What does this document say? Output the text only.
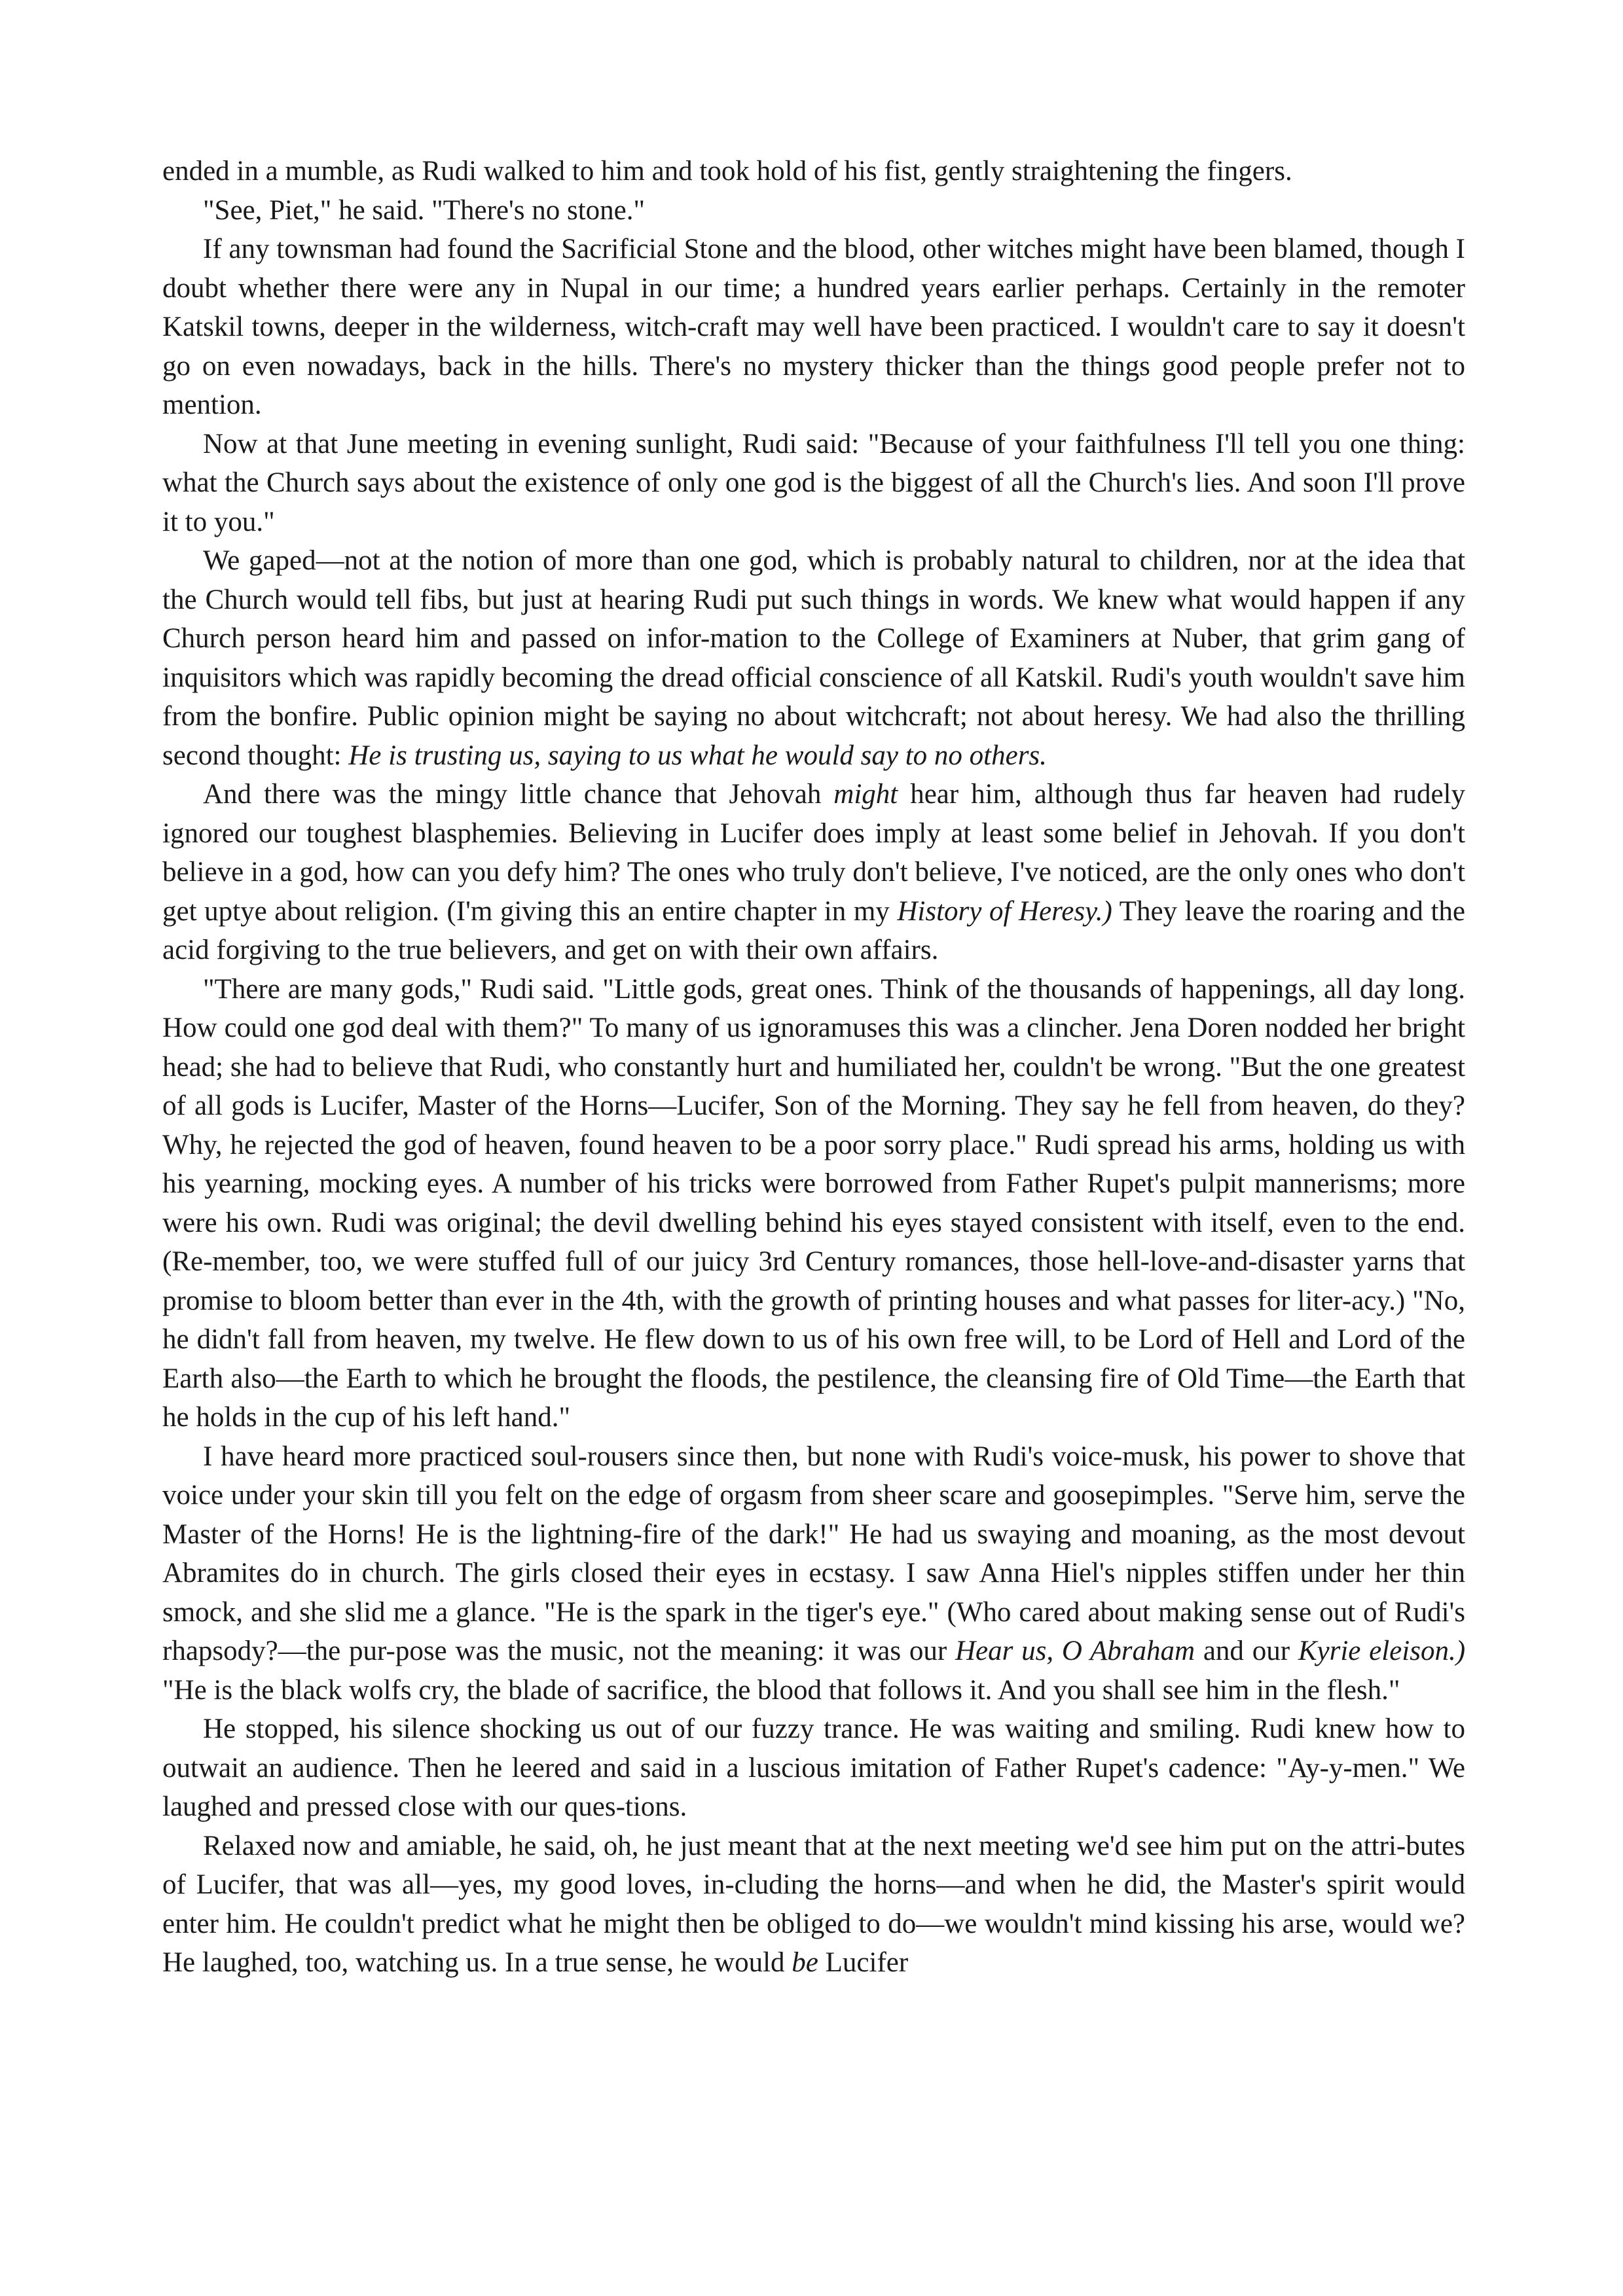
ended in a mumble, as Rudi walked to him and took hold of his fist, gently straightening the fingers.

"See, Piet," he said. "There's no stone."

If any townsman had found the Sacrificial Stone and the blood, other witches might have been blamed, though I doubt whether there were any in Nupal in our time; a hundred years earlier perhaps. Certainly in the remoter Katskil towns, deeper in the wilderness, witch-craft may well have been practiced. I wouldn't care to say it doesn't go on even nowadays, back in the hills. There's no mystery thicker than the things good people prefer not to mention.

Now at that June meeting in evening sunlight, Rudi said: "Because of your faithfulness I'll tell you one thing: what the Church says about the existence of only one god is the biggest of all the Church's lies. And soon I'll prove it to you."

We gaped—not at the notion of more than one god, which is probably natural to children, nor at the idea that the Church would tell fibs, but just at hearing Rudi put such things in words. We knew what would happen if any Church person heard him and passed on infor-mation to the College of Examiners at Nuber, that grim gang of inquisitors which was rapidly becoming the dread official conscience of all Katskil. Rudi's youth wouldn't save him from the bonfire. Public opinion might be saying no about witchcraft; not about heresy. We had also the thrilling second thought: He is trusting us, saying to us what he would say to no others.

And there was the mingy little chance that Jehovah might hear him, although thus far heaven had rudely ignored our toughest blasphemies. Believing in Lucifer does imply at least some belief in Jehovah. If you don't believe in a god, how can you defy him? The ones who truly don't believe, I've noticed, are the only ones who don't get uptye about religion. (I'm giving this an entire chapter in my History of Heresy.) They leave the roaring and the acid forgiving to the true believers, and get on with their own affairs.

"There are many gods," Rudi said. "Little gods, great ones. Think of the thousands of happenings, all day long. How could one god deal with them?" To many of us ignoramuses this was a clincher. Jena Doren nodded her bright head; she had to believe that Rudi, who constantly hurt and humiliated her, couldn't be wrong. "But the one greatest of all gods is Lucifer, Master of the Horns—Lucifer, Son of the Morning. They say he fell from heaven, do they? Why, he rejected the god of heaven, found heaven to be a poor sorry place." Rudi spread his arms, holding us with his yearning, mocking eyes. A number of his tricks were borrowed from Father Rupet's pulpit mannerisms; more were his own. Rudi was original; the devil dwelling behind his eyes stayed consistent with itself, even to the end. (Re-member, too, we were stuffed full of our juicy 3rd Century romances, those hell-love-and-disaster yarns that promise to bloom better than ever in the 4th, with the growth of printing houses and what passes for liter-acy.) "No, he didn't fall from heaven, my twelve. He flew down to us of his own free will, to be Lord of Hell and Lord of the Earth also—the Earth to which he brought the floods, the pestilence, the cleansing fire of Old Time—the Earth that he holds in the cup of his left hand."

I have heard more practiced soul-rousers since then, but none with Rudi's voice-musk, his power to shove that voice under your skin till you felt on the edge of orgasm from sheer scare and goosepimples. "Serve him, serve the Master of the Horns! He is the lightning-fire of the dark!" He had us swaying and moaning, as the most devout Abramites do in church. The girls closed their eyes in ecstasy. I saw Anna Hiel's nipples stiffen under her thin smock, and she slid me a glance. "He is the spark in the tiger's eye." (Who cared about making sense out of Rudi's rhapsody?—the pur-pose was the music, not the meaning: it was our Hear us, O Abraham and our Kyrie eleison.) "He is the black wolfs cry, the blade of sacrifice, the blood that follows it. And you shall see him in the flesh."

He stopped, his silence shocking us out of our fuzzy trance. He was waiting and smiling. Rudi knew how to outwait an audience. Then he leered and said in a luscious imitation of Father Rupet's cadence: "Ay-y-men." We laughed and pressed close with our ques-tions.

Relaxed now and amiable, he said, oh, he just meant that at the next meeting we'd see him put on the attri-butes of Lucifer, that was all—yes, my good loves, in-cluding the horns—and when he did, the Master's spirit would enter him. He couldn't predict what he might then be obliged to do—we wouldn't mind kissing his arse, would we? He laughed, too, watching us. In a true sense, he would be Lucifer
